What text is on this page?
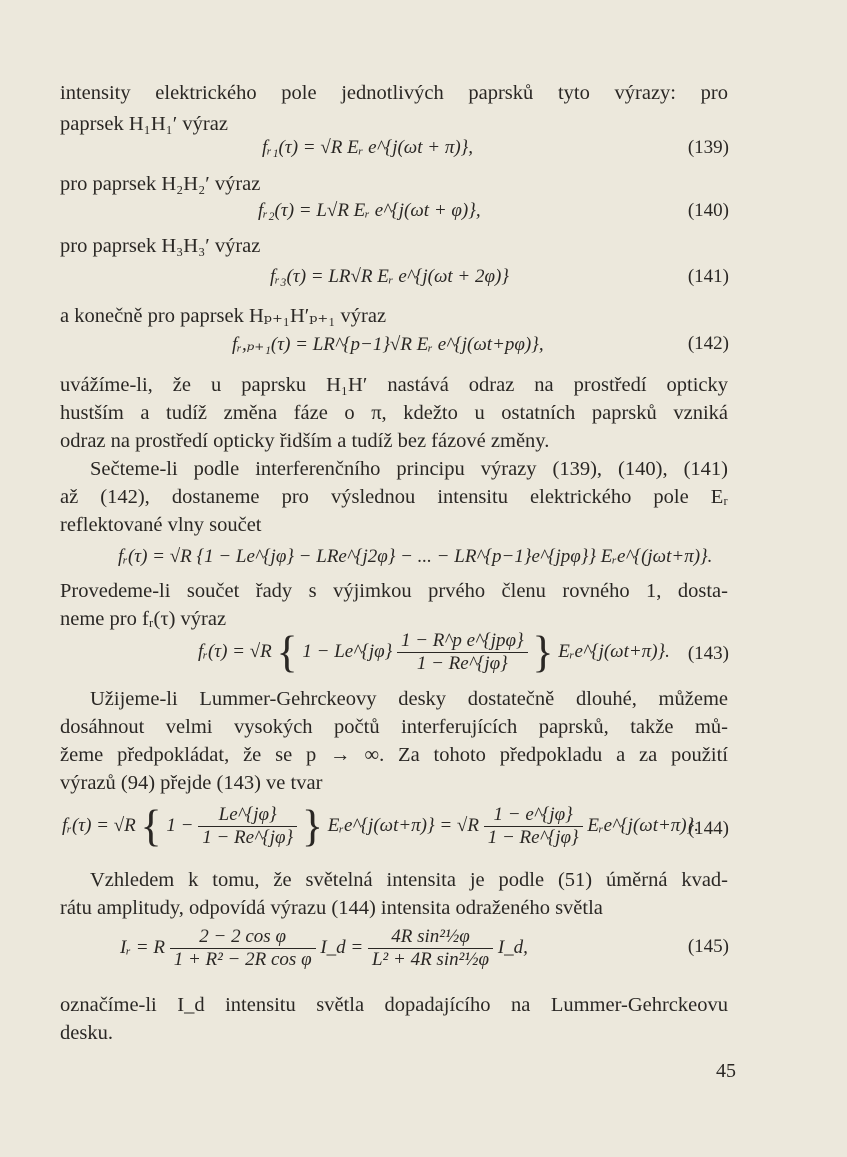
intensity elektrického pole jednotlivých paprsků tyto výrazy: pro
paprsek H₁H₁′ výraz
fᵣ₁(τ) = √R Eᵣ e^{j(ωt + π)},	(139)
pro paprsek H₂H₂′ výraz
fᵣ₂(τ) = L√R Eᵣ e^{j(ωt + φ)},	(140)
pro paprsek H₃H₃′ výraz
fᵣ₃(τ) = LR√R Eᵣ e^{j(ωt + 2φ)}	(141)
a konečně pro paprsek Hₚ₊₁H′ₚ₊₁ výraz
fᵣ,ₚ₊₁(τ) = LR^{p−1}√R Eᵣ e^{j(ωt+pφ)},	(142)
uvážíme-li, že u paprsku H₁H′ nastává odraz na prostředí opticky
hustším a tudíž změna fáze o π, kdežto u ostatních paprsků vzniká
odraz na prostředí opticky řidším a tudíž bez fázové změny.
Sečteme-li podle interferenčního principu výrazy (139), (140), (141)
až (142), dostaneme pro výslednou intensitu elektrického pole Eᵣ
reflektované vlny součet
fᵣ(τ) = √R {1 − Le^{jφ} − LRe^{j2φ} − ... − LR^{p−1}e^{jpφ}} Eᵣe^{(jωt+π)}.
Provedeme-li součet řady s výjimkou prvého členu rovného 1, dosta-
neme pro fᵣ(τ) výraz
fᵣ(τ) = √R { 1 − Le^{jφ} $\frac{\text{1 − R\textasciicircum{}p e\textasciicircum{}\{jpφ\}}}{1 - Re\^{}\{j\varphi\}}$ } Eᵣe^{j(ωt+π)}. (143)
Užijeme-li Lummer-Gehrckeovy desky dostatečně dlouhé, můžeme
dosáhnout velmi vysokých počtů interferujících paprsků, takže mů-
žeme předpokládat, že se p → ∞. Za tohoto předpokladu a za použití
výrazů (94) přejde (143) ve tvar
fᵣ(τ) = √R { $1 - \frac{Le\^{}\{j\varphi\}}{1 - Re\^{}\{j\varphi\}}$ } Eᵣe^{j(ωt+π)} = $√R \frac{1 - e\^{}\{j\varphi\}}{1 - Re\^{}\{j\varphi\}}$ Eᵣe^{j(ωt+π)}.
(144)
Vzhledem k tomu, že světelná intensita je podle (51) úměrná kvad-
rátu amplitudy, odpovídá výrazu (144) intensita odraženého světla
Iᵣ = R $\frac{\text{2 − 2 cos φ}}{\text{1 + R² − 2R cos φ}}$ I_d = $\frac{\text{4R sin²½φ}}{\text{L² + 4R sin²½φ}}$ I_d,	(145)
označíme-li I_d intensitu světla dopadajícího na Lummer-Gehrckeovu
desku.
45
